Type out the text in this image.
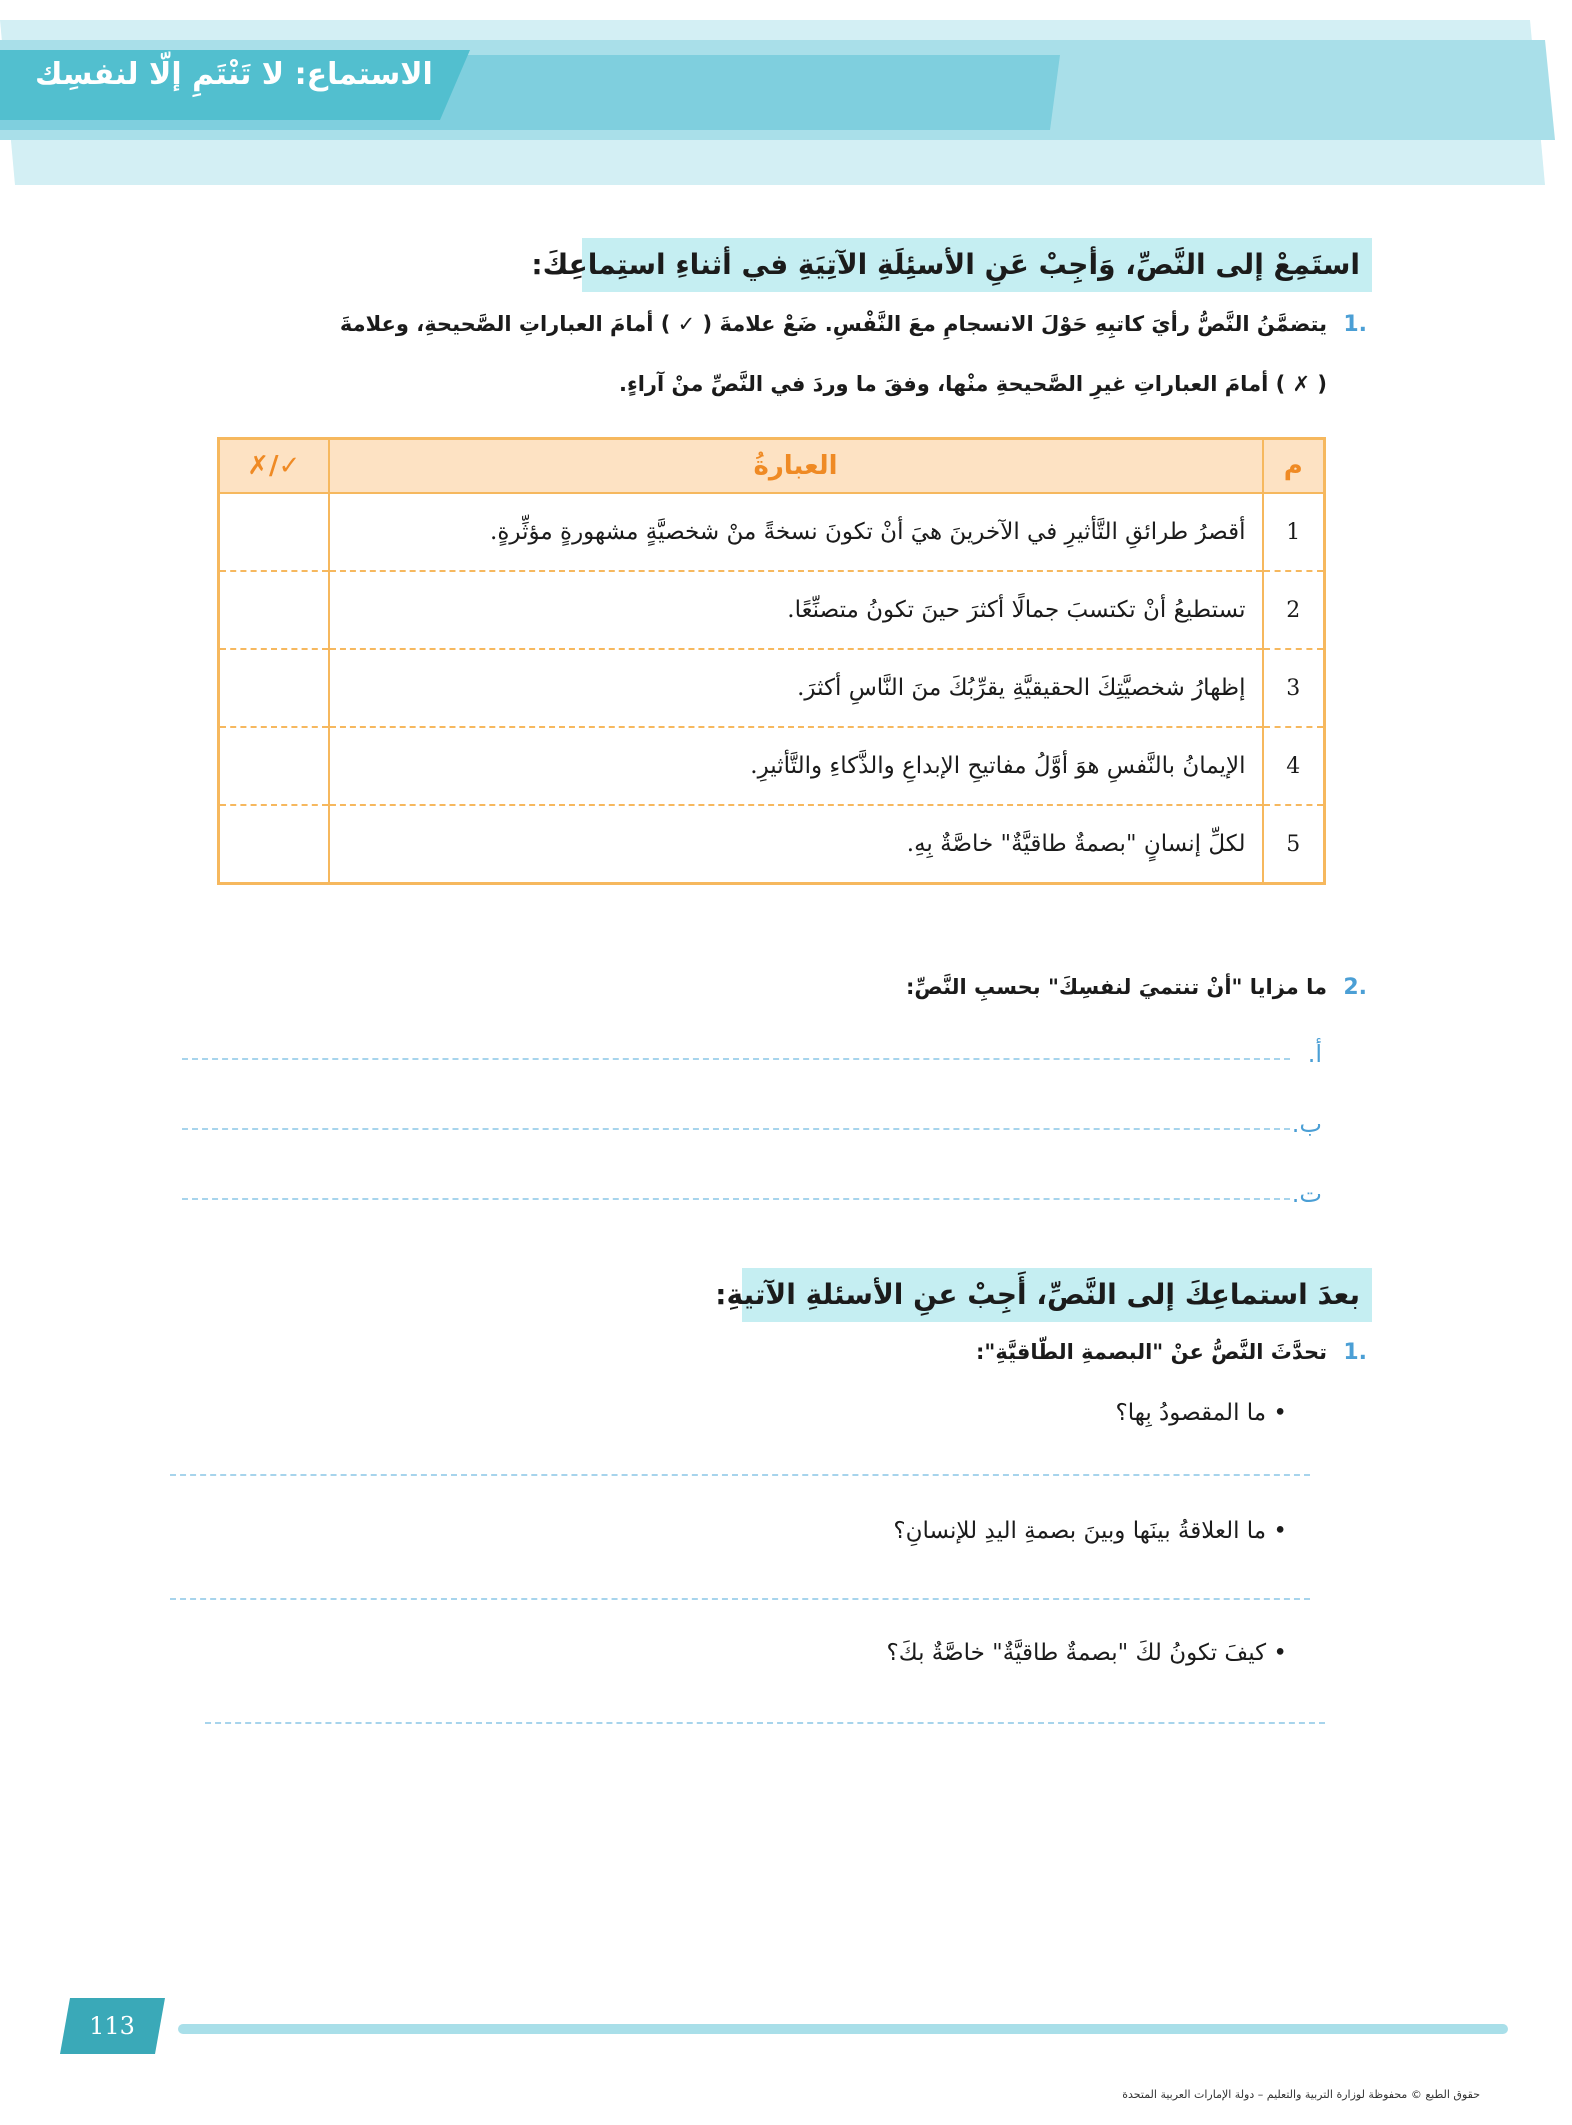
الاستماع: لا تَنْتَمِ إلّا لنفسِك
استَمِعْ إلى النَّصِّ، وَأجِبْ عَنِ الأسئِلَةِ الآتِيَةِ في أثناءِ استِماعِكَ:
.1
يتضمَّنُ النَّصُّ رأيَ كاتبِهِ حَوْلَ الانسجامِ معَ النَّفْسِ. ضَعْ علامةَ ( ✓ ) أمامَ العباراتِ الصَّحيحةِ، وعلامةَ
( ✗ ) أمامَ العباراتِ غيرِ الصَّحيحةِ منْها، وفقَ ما وردَ في النَّصِّ منْ آراءٍ.
م	العبارةُ	✓/✗
1	أقصرُ طرائقِ التَّأثيرِ في الآخرينَ هيَ أنْ تكونَ نسخةً منْ شخصيَّةٍ مشهورةٍ مؤثِّرةٍ.	
2	تستطيعُ أنْ تكتسبَ جمالًا أكثرَ حينَ تكونُ متصنِّعًا.	
3	إظهارُ شخصيَّتِكَ الحقيقيَّةِ يقرِّبُكَ منَ النَّاسِ أكثرَ.	
4	الإيمانُ بالنَّفسِ هوَ أوَّلُ مفاتيحِ الإبداعِ والذَّكاءِ والتَّأثيرِ.	
5	لكلِّ إنسانٍ "بصمةٌ طاقيَّةٌ" خاصَّةٌ بِهِ.	
.2
ما مزايا "أنْ تنتميَ لنفسِكَ" بحسبِ النَّصِّ:
أ.
ب.
ت.
بعدَ استماعِكَ إلى النَّصِّ، أَجِبْ عنِ الأسئلةِ الآتيةِ:
.1
تحدَّثَ النَّصُّ عنْ "البصمةِ الطّاقيَّةِ":
• ما المقصودُ بِها؟
• ما العلاقةُ بينَها وبينَ بصمةِ اليدِ للإنسانِ؟
• كيفَ تكونُ لكَ "بصمةٌ طاقيَّةٌ" خاصَّةٌ بكَ؟
113
حقوق الطبع © محفوظة لوزارة التربية والتعليم – دولة الإمارات العربية المتحدة
